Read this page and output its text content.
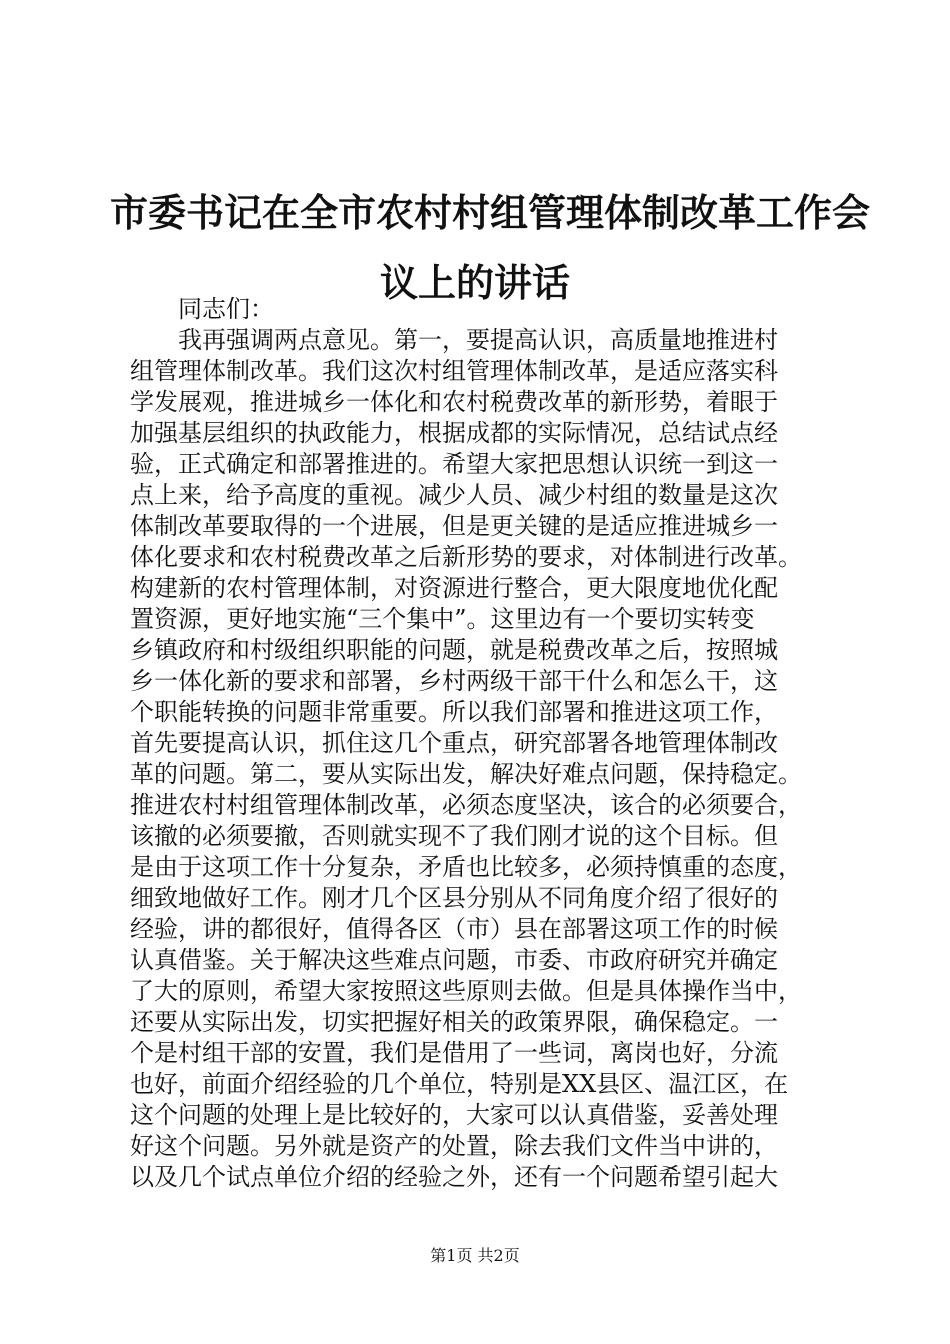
市委书记在全市农村村组管理体制改革工作会
议上的讲话
　　同志们：
　　我再强调两点意见。第一，要提高认识，高质量地推进村
组管理体制改革。我们这次村组管理体制改革，是适应落实科
学发展观，推进城乡一体化和农村税费改革的新形势，着眼于
加强基层组织的执政能力，根据成都的实际情况，总结试点经
验，正式确定和部署推进的。希望大家把思想认识统一到这一
点上来，给予高度的重视。减少人员、减少村组的数量是这次
体制改革要取得的一个进展，但是更关键的是适应推进城乡一
体化要求和农村税费改革之后新形势的要求，对体制进行改革。
构建新的农村管理体制，对资源进行整合，更大限度地优化配
置资源，更好地实施“三个集中”。这里边有一个要切实转变
乡镇政府和村级组织职能的问题，就是税费改革之后，按照城
乡一体化新的要求和部署，乡村两级干部干什么和怎么干，这
个职能转换的问题非常重要。所以我们部署和推进这项工作，
首先要提高认识，抓住这几个重点，研究部署各地管理体制改
革的问题。第二，要从实际出发，解决好难点问题，保持稳定。
推进农村村组管理体制改革，必须态度坚决，该合的必须要合，
该撤的必须要撤，否则就实现不了我们刚才说的这个目标。但
是由于这项工作十分复杂，矛盾也比较多，必须持慎重的态度，
细致地做好工作。刚才几个区县分别从不同角度介绍了很好的
经验，讲的都很好，值得各区（市）县在部署这项工作的时候
认真借鉴。关于解决这些难点问题，市委、市政府研究并确定
了大的原则，希望大家按照这些原则去做。但是具体操作当中，
还要从实际出发，切实把握好相关的政策界限，确保稳定。一
个是村组干部的安置，我们是借用了一些词，离岗也好，分流
也好，前面介绍经验的几个单位，特别是XX县区、温江区，在
这个问题的处理上是比较好的，大家可以认真借鉴，妥善处理
好这个问题。另外就是资产的处置，除去我们文件当中讲的，
以及几个试点单位介绍的经验之外，还有一个问题希望引起大
第1页 共2页
